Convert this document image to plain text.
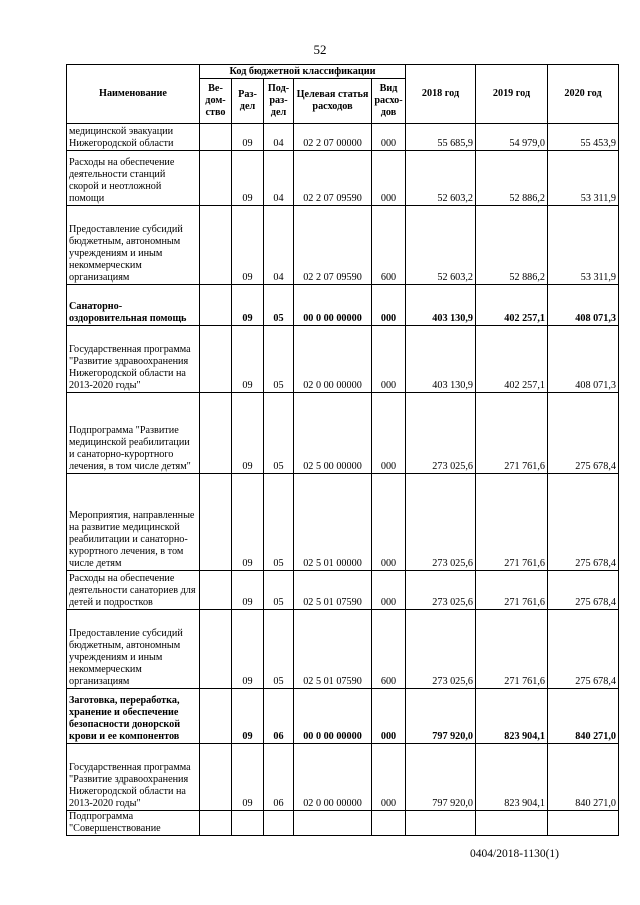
52
Наименование	Код бюджетной классификации					2018 год	2019 год	2020 год
	Ве-дом-ство	Раз-дел	Под-раз-дел	Целевая статья расходов	Вид расхо-дов			
медицинской эвакуации Нижегородской области		09	04	02 2 07 00000	000	55 685,9	54 979,0	55 453,9
Расходы на обеспечение деятельности станций скорой и неотложной помощи		09	04	02 2 07 09590	000	52 603,2	52 886,2	53 311,9
Предоставление субсидий бюджетным, автономным учреждениям и иным некоммерческим организациям		09	04	02 2 07 09590	600	52 603,2	52 886,2	53 311,9
Санаторно-оздоровительная помощь		09	05	00 0 00 00000	000	403 130,9	402 257,1	408 071,3
Государственная программа "Развитие здравоохранения Нижегородской области на 2013-2020 годы"		09	05	02 0 00 00000	000	403 130,9	402 257,1	408 071,3
Подпрограмма "Развитие медицинской реабилитации и санаторно-курортного лечения, в том числе детям"		09	05	02 5 00 00000	000	273 025,6	271 761,6	275 678,4
Мероприятия, направленные на развитие медицинской реабилитации и санаторно-курортного лечения, в том числе детям		09	05	02 5 01 00000	000	273 025,6	271 761,6	275 678,4
Расходы на обеспечение деятельности санаториев для детей и подростков		09	05	02 5 01 07590	000	273 025,6	271 761,6	275 678,4
Предоставление субсидий бюджетным, автономным учреждениям и иным некоммерческим организациям		09	05	02 5 01 07590	600	273 025,6	271 761,6	275 678,4
Заготовка, переработка, хранение и обеспечение безопасности донорской крови и ее компонентов		09	06	00 0 00 00000	000	797 920,0	823 904,1	840 271,0
Государственная программа "Развитие здравоохранения Нижегородской области на 2013-2020 годы"		09	06	02 0 00 00000	000	797 920,0	823 904,1	840 271,0
Подпрограмма "Совершенствование								
0404/2018-1130(1)
